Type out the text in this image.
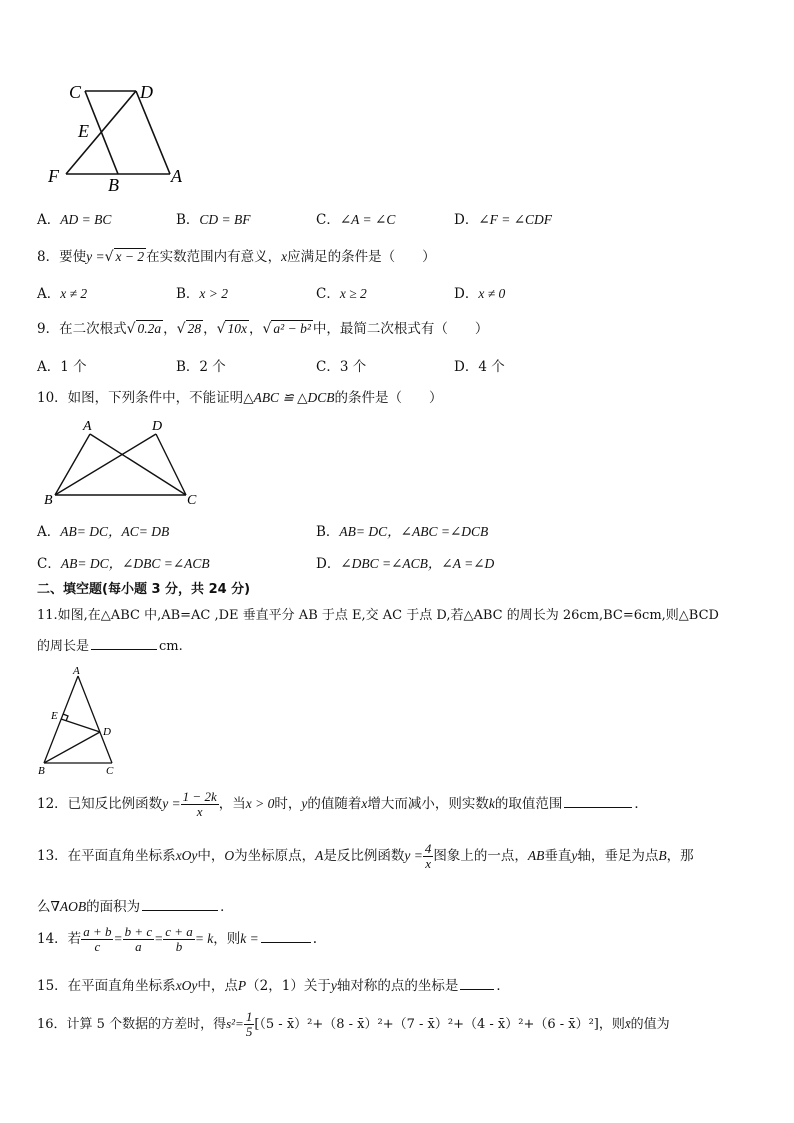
C	D
E
F	B	A
A．AD = BC	B．CD = BF	C．∠A = ∠C	D．∠F = ∠CDF
8．要使y =√ x − 2 在实数范围内有意义，x应满足的条件是（　　）
A．x ≠ 2	B．x > 2	C．x ≥ 2	D．x ≠ 0
9．在二次根式√ 0.2a ，√ 28 ，√ 10x ，√ a² − b² 中，最简二次根式有（　　）
A．1 个	B．2 个	C．3 个	D．4 个
10．如图，下列条件中，不能证明△ABC ≌ △DCB的条件是（　　）
A	D
B	C
A．AB= DC，AC= DB	B．AB= DC，∠ABC =∠DCB
C．AB= DC，∠DBC =∠ACB	D．∠DBC =∠ACB，∠A =∠D
二、填空题(每小题 3 分，共 24 分)
11.如图,在△ABC 中,AB=AC ,DE 垂直平分 AB 于点 E,交 AC 于点 D,若△ABC 的周长为 26cm,BC=6cm,则△BCD
的周长是	cm.
A
E
D
B	C
12．已知反比例函数$y = \frac{1 - 2k}{x}$ ，当x > 0时，y的值随着x增大而减小，则实数k的取值范围	．
13．在平面直角坐标系xOy中，O为坐标原点，A是反比例函数$y = \frac{4}{x}$ 图象上的一点，AB垂直y轴，垂足为点B，那
么∇AOB的面积为	．
14．若 $\frac{a + b}{c} = \frac{b + c}{a} = \frac{c + a}{b} = k$，则k =	.
15．在平面直角坐标系xOy中，点P（2，1）关于y轴对称的点的坐标是	．
16．计算 5 个数据的方差时，得$s^2= \frac{1}{5} [(5$ - x̄）²+（8 - x̄）²+（7 - x̄）²+（4 - x̄）²+（6 - x̄）²]，则x̄的值为
